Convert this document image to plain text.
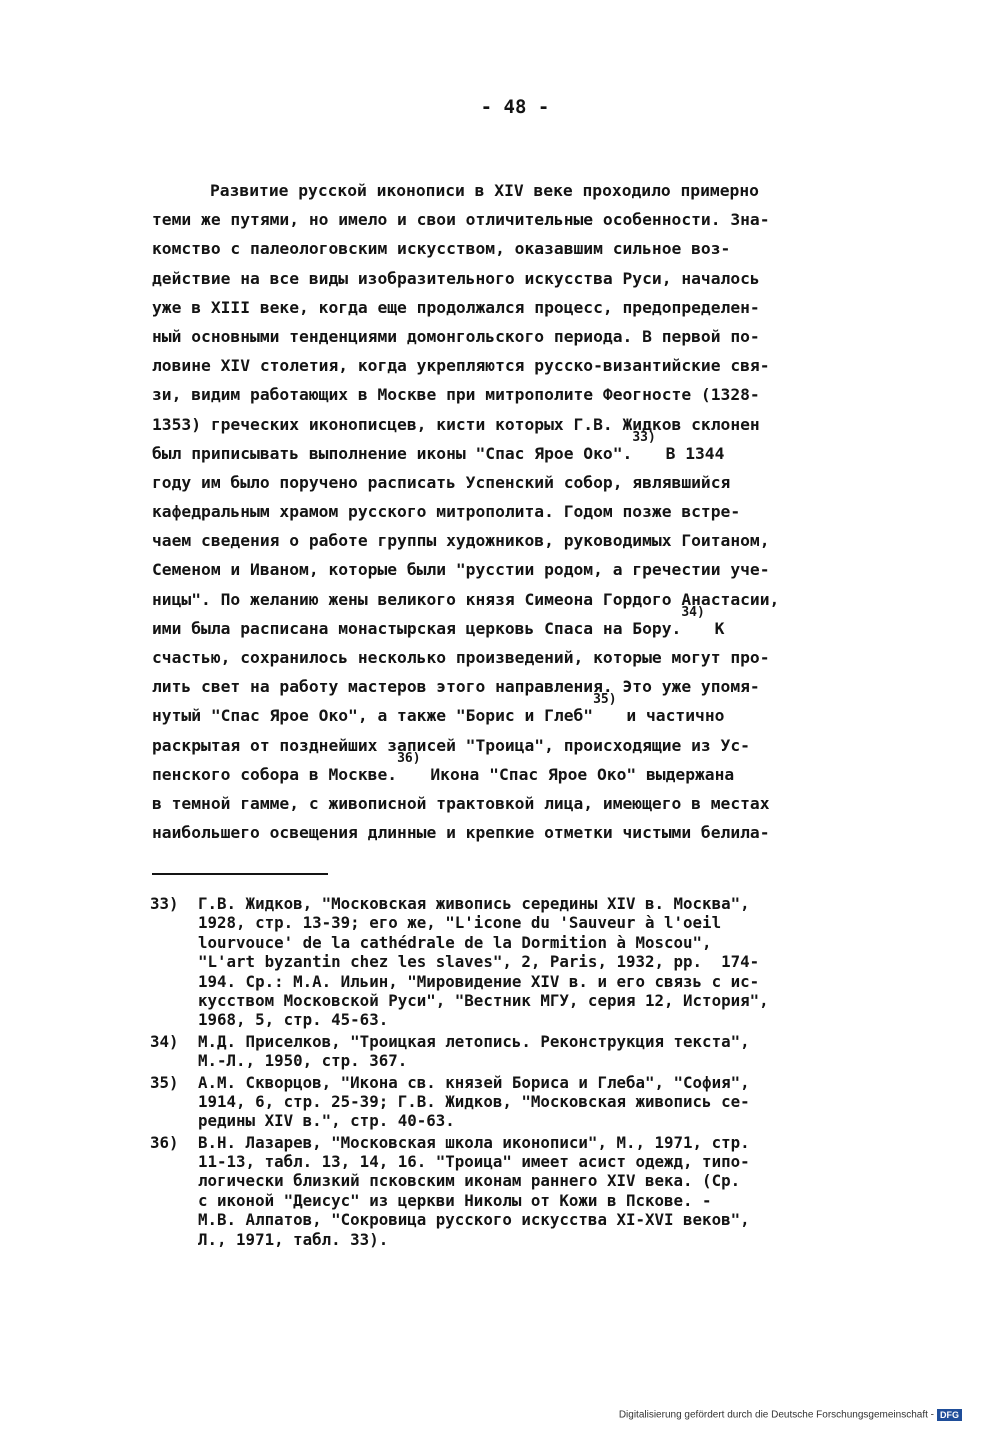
- 48 -
Развитие русской иконописи в XIV веке проходило примерно
теми же путями, но имело и свои отличительные особенности. Зна-
комство с палеологовским искусством, оказавшим сильное воз-
действие на все виды изобразительного искусства Руси, началось
уже в XIII веке, когда еще продолжался процесс, предопределен-
ный основными тенденциями домонгольского периода. В первой по-
ловине XIV столетия, когда укрепляются русско-византийские свя-
зи, видим работающих в Москве при митрополите Феогносте (1328-
1353) греческих иконописцев, кисти которых Г.В. Жидков склонен
был приписывать выполнение иконы "Спас Ярое Око".$^{33)}$ В 1344
году им было поручено расписать Успенский собор, являвшийся
кафедральным храмом русского митрополита. Годом позже встре-
чаем сведения о работе группы художников, руководимых Гоитаном,
Семеном и Иваном, которые были "русстии родом, а гречестии уче-
ницы". По желанию жены великого князя Симеона Гордого Анастасии,
ими была расписана монастырская церковь Спаса на Бору.$^{34)}$ К
счастью, сохранилось несколько произведений, которые могут про-
лить свет на работу мастеров этого направления. Это уже упомя-
нутый "Спас Ярое Око", а также "Борис и Глеб"$^{35)}$ и частично
раскрытая от позднейших записей "Троица", происходящие из Ус-
пенского собора в Москве.$^{36)}$ Икона "Спас Ярое Око" выдержана
в темной гамме, с живописной трактовкой лица, имеющего в местах
наибольшего освещения длинные и крепкие отметки чистыми белила-
33)	Г.В. Жидков, "Московская живопись середины XIV в. Москва",
1928, стр. 13-39; его же, "L'icone du 'Sauveur à l'oeil
lourvouce' de la cathédrale de la Dormition à Moscou",
"L'art byzantin chez les slaves", 2, Paris, 1932, pp.  174-
194. Ср.: М.А. Ильин, "Мировидение XIV в. и его связь с ис-
кусством Московской Руси", "Вестник МГУ, серия 12, История",
1968, 5, стр. 45-63.
34)	М.Д. Приселков, "Троицкая летопись. Реконструкция текста",
М.-Л., 1950, стр. 367.
35)	А.М. Скворцов, "Икона св. князей Бориса и Глеба", "София",
1914, 6, стр. 25-39; Г.В. Жидков, "Московская живопись се-
редины XIV в.", стр. 40-63.
36)	В.Н. Лазарев, "Московская школа иконописи", М., 1971, стр.
11-13, табл. 13, 14, 16. "Троица" имеет асист одежд, типо-
логически близкий псковским иконам раннего XIV века. (Ср.
с иконой "Деисус" из церкви Николы от Кожи в Пскове. -
М.В. Алпатов, "Сокровица русского искусства XI-XVI веков",
Л., 1971, табл. 33).
Digitalisierung gefördert durch die Deutsche Forschungsgemeinschaft - DFG
